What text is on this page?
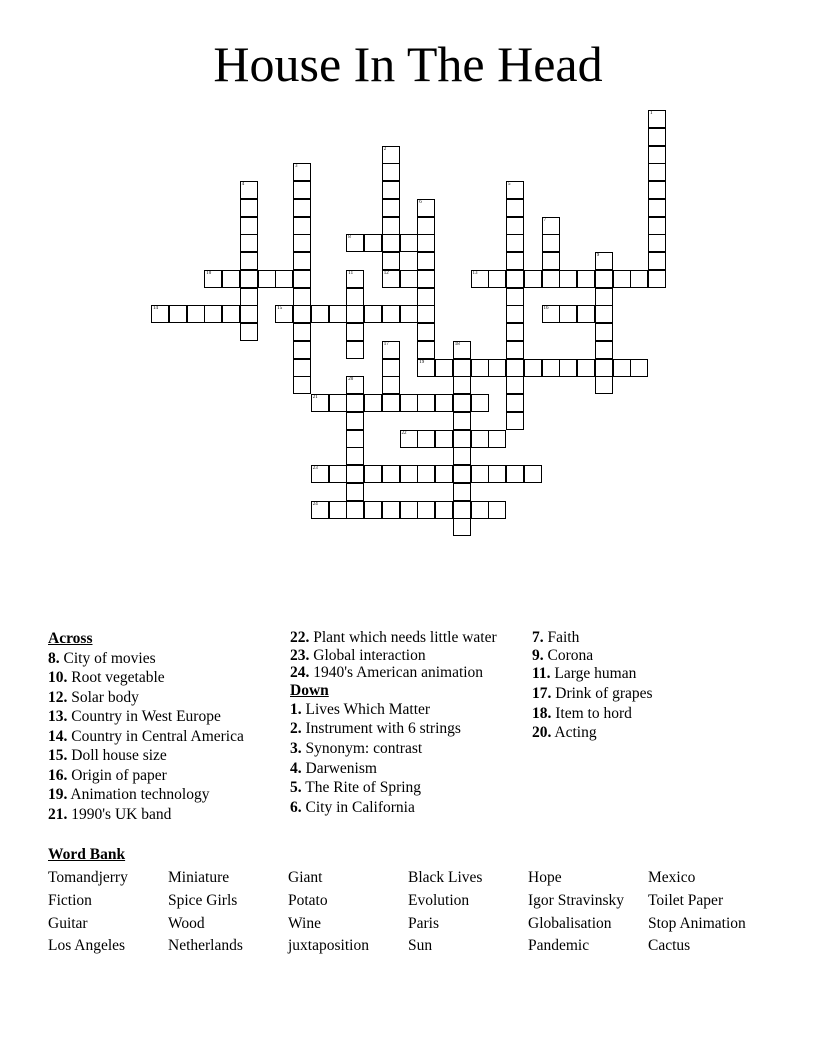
House In The Head
8
10	12	13
14	15	16
19
21
22
23
24
1
2
3
4	5
6
7
9
11
17	18
20
Across
8. City of movies
10. Root vegetable
12. Solar body
13. Country in West Europe
14. Country in Central America
15. Doll house size
16. Origin of paper
19. Animation technology
21. 1990's UK band
22. Plant which needs little water
23. Global interaction
24. 1940's American animation
Down
1. Lives Which Matter
2. Instrument with 6 strings
3. Synonym: contrast
4. Darwenism
5. The Rite of Spring
6. City in California
7. Faith
9. Corona
11. Large human
17. Drink of grapes
18. Item to hord
20. Acting
Word Bank
Tomandjerry	Miniature	Giant	Black Lives	Hope	Mexico
Fiction	Spice Girls	Potato	Evolution	Igor Stravinsky	Toilet Paper
Guitar	Wood	Wine	Paris	Globalisation	Stop Animation
Los Angeles	Netherlands	juxtaposition	Sun	Pandemic	Cactus
